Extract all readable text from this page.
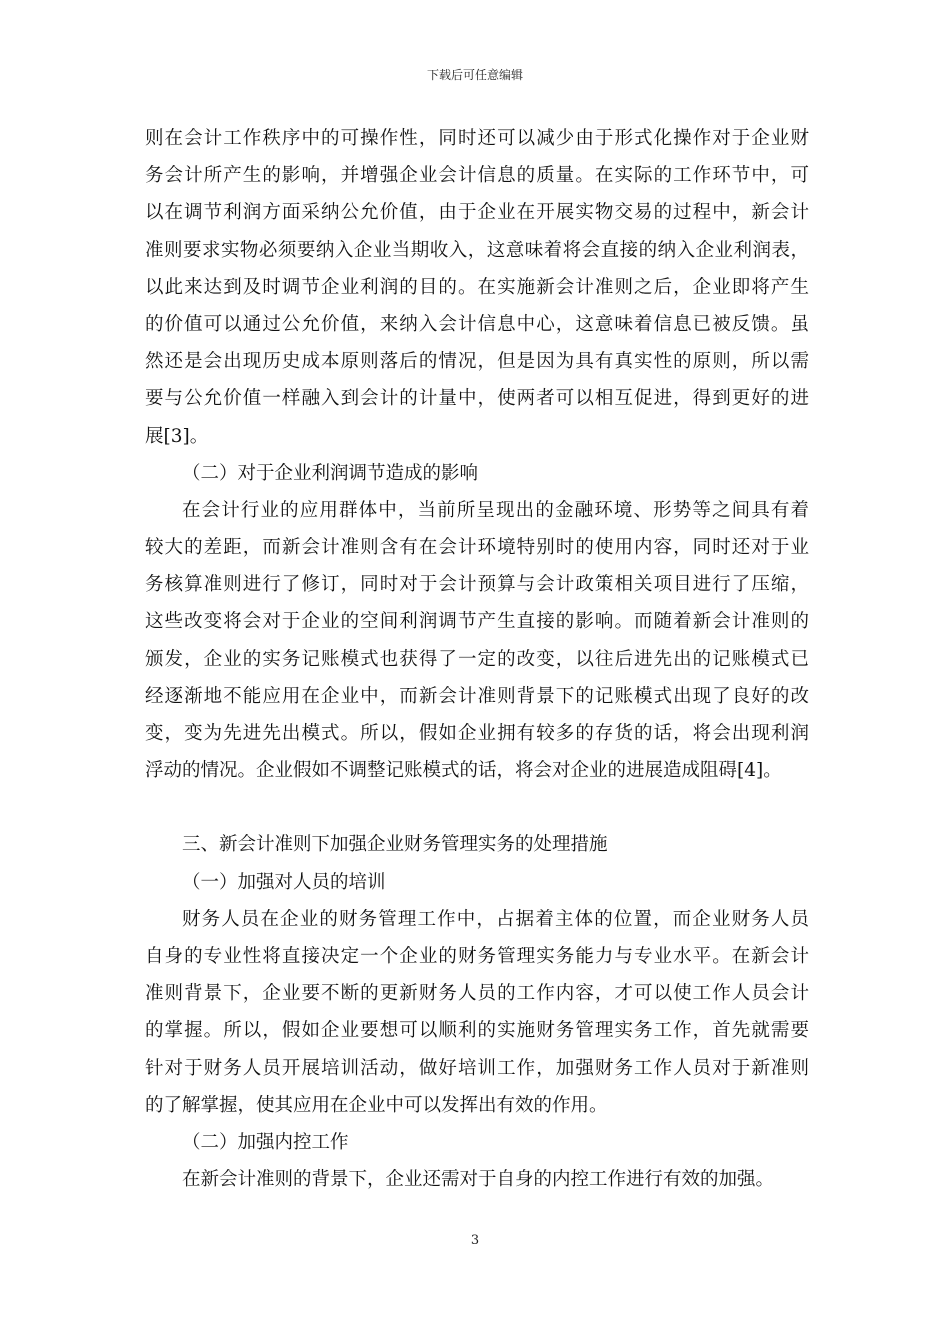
下载后可任意编辑
则在会计工作秩序中的可操作性，同时还可以减少由于形式化操作对于企业财
务会计所产生的影响，并增强企业会计信息的质量。在实际的工作环节中，可
以在调节利润方面采纳公允价值，由于企业在开展实物交易的过程中，新会计
准则要求实物必须要纳入企业当期收入，这意味着将会直接的纳入企业利润表，
以此来达到及时调节企业利润的目的。在实施新会计准则之后，企业即将产生
的价值可以通过公允价值，来纳入会计信息中心，这意味着信息已被反馈。虽
然还是会出现历史成本原则落后的情况，但是因为具有真实性的原则，所以需
要与公允价值一样融入到会计的计量中，使两者可以相互促进，得到更好的进
展[3]。
（二）对于企业利润调节造成的影响
在会计行业的应用群体中，当前所呈现出的金融环境、形势等之间具有着
较大的差距，而新会计准则含有在会计环境特别时的使用内容，同时还对于业
务核算准则进行了修订，同时对于会计预算与会计政策相关项目进行了压缩，
这些改变将会对于企业的空间利润调节产生直接的影响。而随着新会计准则的
颁发，企业的实务记账模式也获得了一定的改变，以往后进先出的记账模式已
经逐渐地不能应用在企业中，而新会计准则背景下的记账模式出现了良好的改
变，变为先进先出模式。所以，假如企业拥有较多的存货的话，将会出现利润
浮动的情况。企业假如不调整记账模式的话，将会对企业的进展造成阻碍[4]。
三、新会计准则下加强企业财务管理实务的处理措施
（一）加强对人员的培训
财务人员在企业的财务管理工作中，占据着主体的位置，而企业财务人员
自身的专业性将直接决定一个企业的财务管理实务能力与专业水平。在新会计
准则背景下，企业要不断的更新财务人员的工作内容，才可以使工作人员会计
的掌握。所以，假如企业要想可以顺利的实施财务管理实务工作，首先就需要
针对于财务人员开展培训活动，做好培训工作，加强财务工作人员对于新准则
的了解掌握，使其应用在企业中可以发挥出有效的作用。
（二）加强内控工作
在新会计准则的背景下，企业还需对于自身的内控工作进行有效的加强。
3
